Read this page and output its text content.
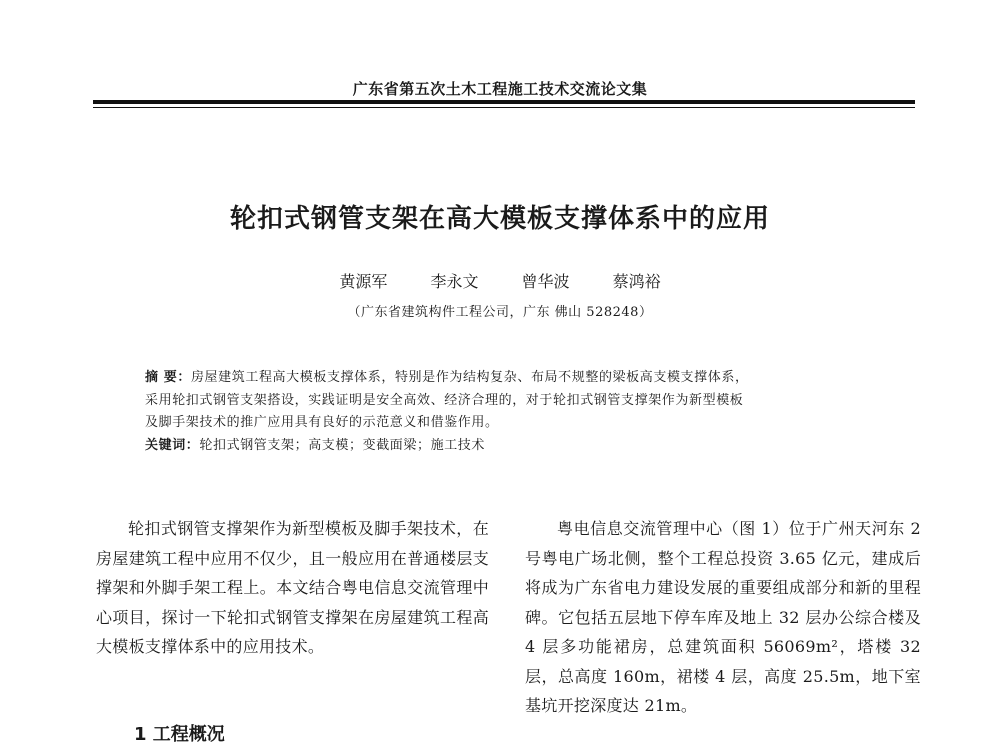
广东省第五次土木工程施工技术交流论文集
轮扣式钢管支架在高大模板支撑体系中的应用
黄源军	李永文	曾华波	蔡鸿裕
（广东省建筑构件工程公司，广东 佛山 528248）

摘 要：房屋建筑工程高大模板支撑体系，特别是作为结构复杂、布局不规整的梁板高支模支撑体系，

采用轮扣式钢管支架搭设，实践证明是安全高效、经济合理的，对于轮扣式钢管支撑架作为新型模板

及脚手架技术的推广应用具有良好的示范意义和借鉴作用。

关键词：轮扣式钢管支架；高支模；变截面梁；施工技术

轮扣式钢管支撑架作为新型模板及脚手架技术，在房屋建筑工程中应用不仅少，且一般应用在普通楼层支撑架和外脚手架工程上。本文结合粤电信息交流管理中心项目，探讨一下轮扣式钢管支撑架在房屋建筑工程高大模板支撑体系中的应用技术。

粤电信息交流管理中心（图 1）位于广州天河东 2 号粤电广场北侧，整个工程总投资 3.65 亿元，建成后将成为广东省电力建设发展的重要组成部分和新的里程碑。它包括五层地下停车库及地上 32 层办公综合楼及 4 层多功能裙房，总建筑面积 56069m²，塔楼 32 层，总高度 160m，裙楼 4 层，高度 25.5m，地下室基坑开挖深度达 21m。

1 工程概况
